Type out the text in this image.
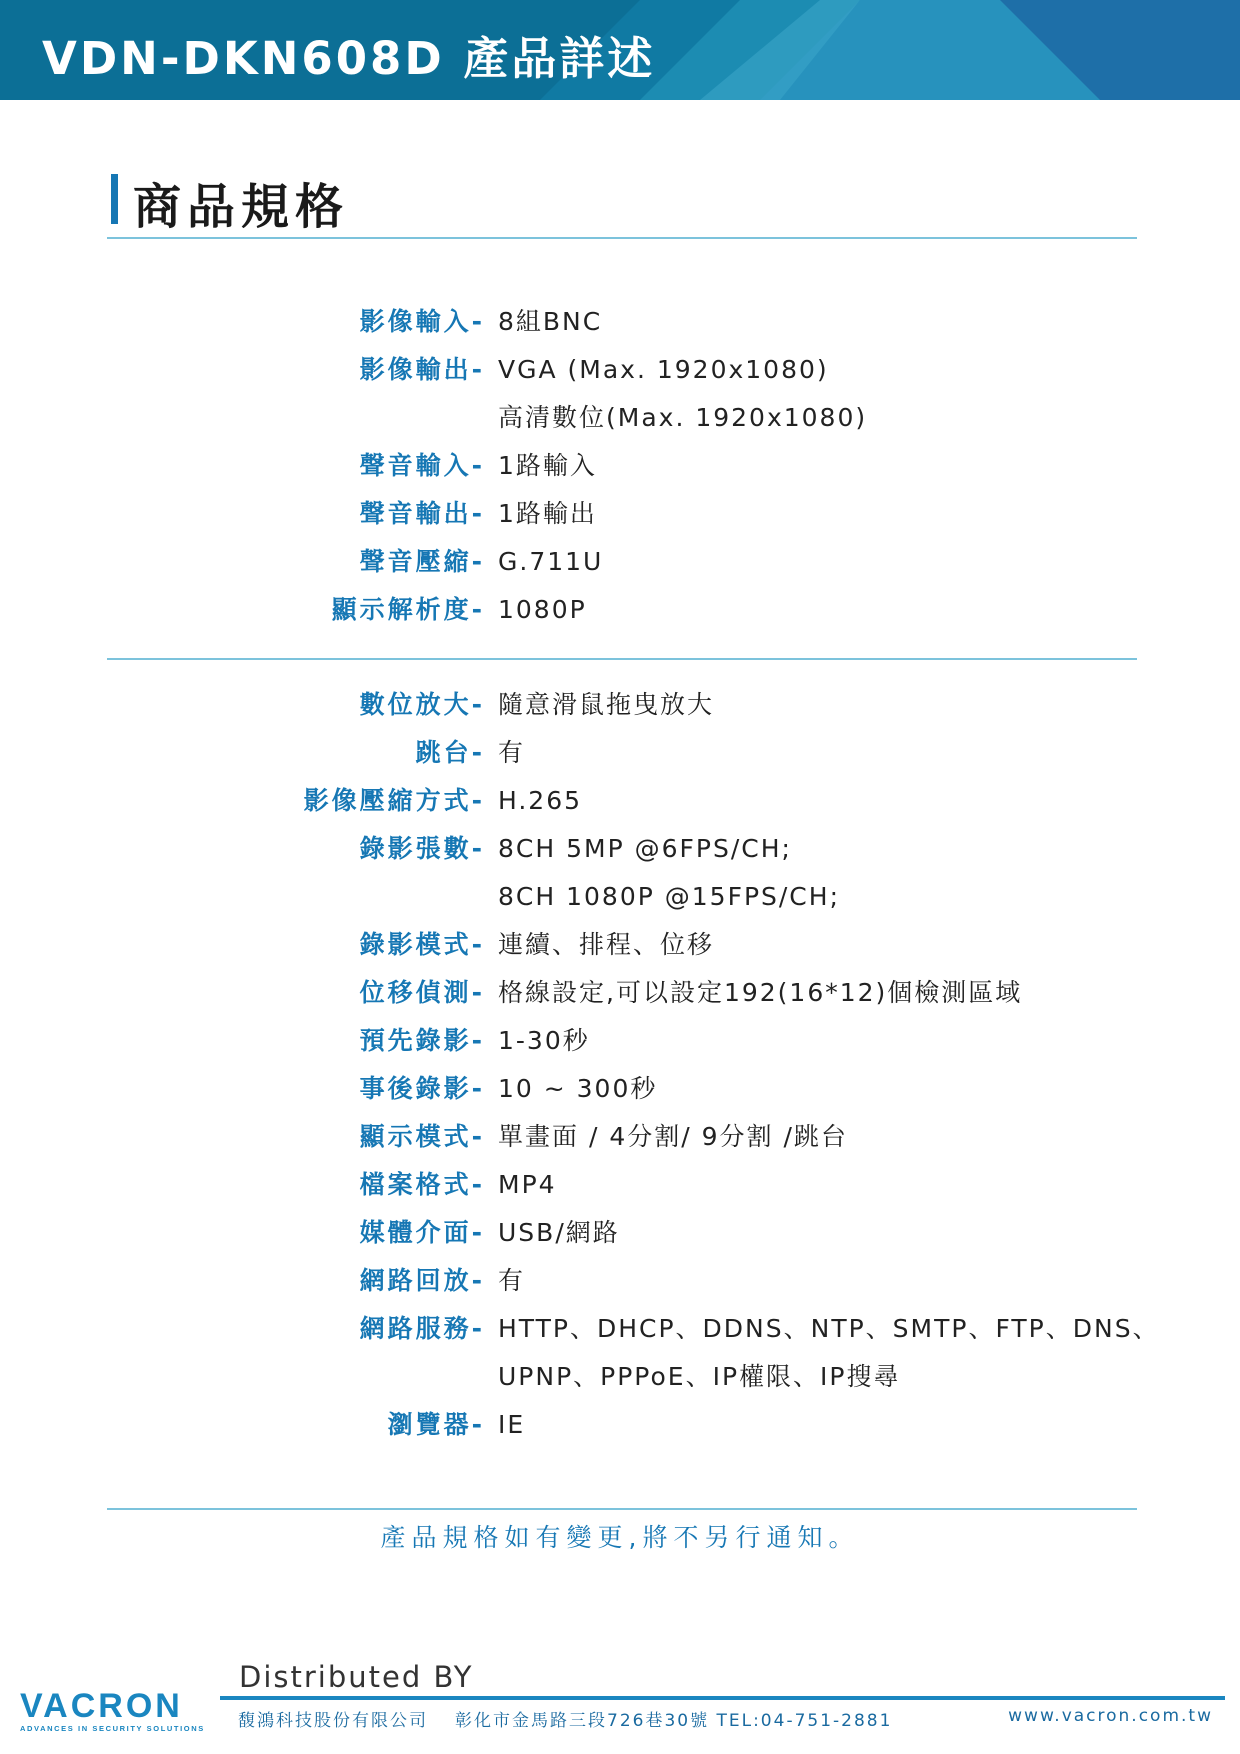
VDN-DKN608D 產品詳述
商品規格
影像輸入- 8組BNC
影像輸出- VGA (Max. 1920x1080)
高清數位(Max. 1920x1080)
聲音輸入- 1路輸入
聲音輸出- 1路輸出
聲音壓縮- G.711U
顯示解析度- 1080P
數位放大- 隨意滑鼠拖曳放大
跳台- 有
影像壓縮方式- H.265
錄影張數- 8CH 5MP @6FPS/CH;
8CH 1080P @15FPS/CH;
錄影模式- 連續、排程、位移
位移偵測- 格線設定,可以設定192(16*12)個檢測區域
預先錄影- 1-30秒
事後錄影- 10 ~ 300秒
顯示模式- 單畫面 / 4分割/ 9分割 /跳台
檔案格式- MP4
媒體介面- USB/網路
網路回放- 有
網路服務- HTTP、DHCP、DDNS、NTP、SMTP、FTP、DNS、
UPNP、PPPoE、IP權限、IP搜尋
瀏覽器- IE
產品規格如有變更,將不另行通知。
Distributed BY
VACRON
ADVANCES IN SECURITY SOLUTIONS	馥鴻科技股份有限公司 彰化市金馬路三段726巷30號 TEL:04-751-2881	www.vacron.com.tw
